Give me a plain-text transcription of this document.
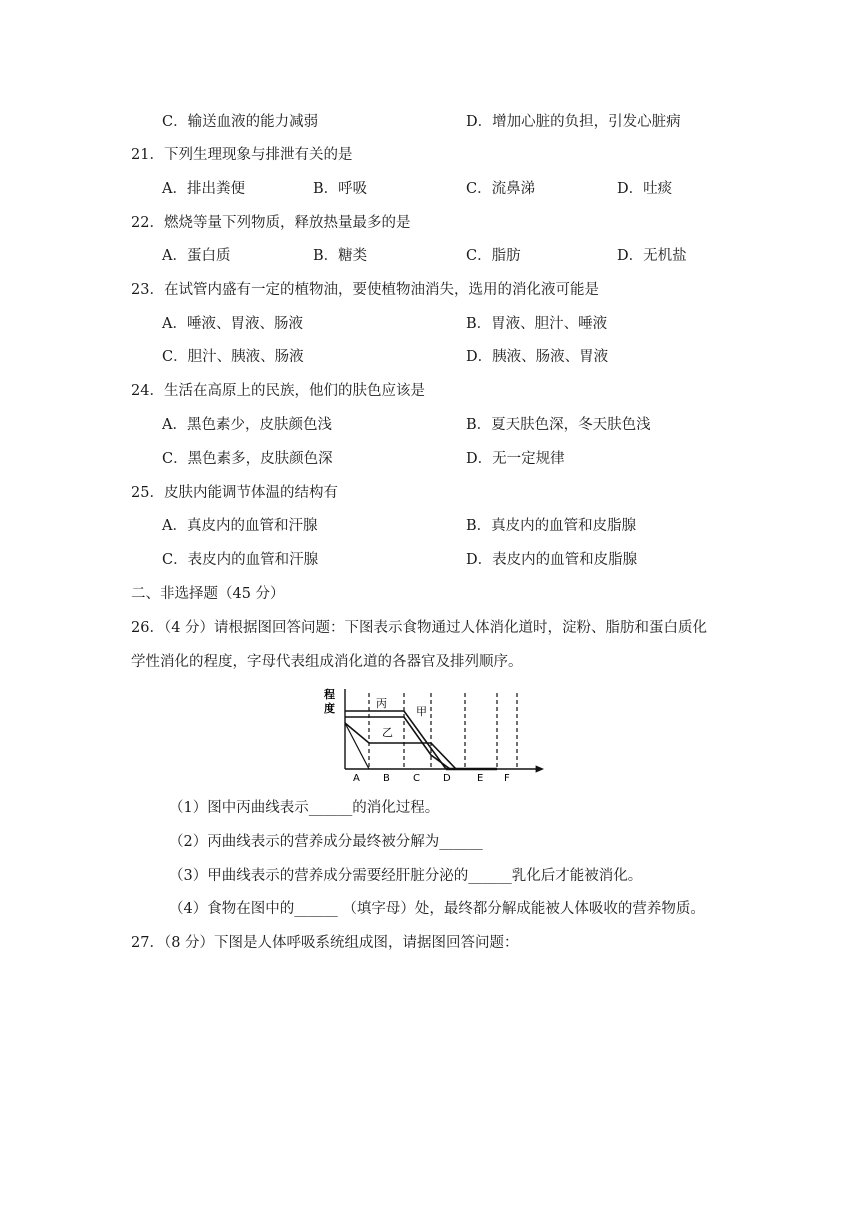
C．输送血液的能力减弱	D．增加心脏的负担，引发心脏病
21．下列生理现象与排泄有关的是
A．排出粪便	B．呼吸	C．流鼻涕	D．吐痰
22．燃烧等量下列物质，释放热量最多的是
A．蛋白质	B．糖类	C．脂肪	D．无机盐
23．在试管内盛有一定的植物油，要使植物油消失，选用的消化液可能是
A．唾液、胃液、肠液	B．胃液、胆汁、唾液
C．胆汁、胰液、肠液	D．胰液、肠液、胃液
24．生活在高原上的民族，他们的肤色应该是
A．黑色素少，皮肤颜色浅	B．夏天肤色深，冬天肤色浅
C．黑色素多，皮肤颜色深	D．无一定规律
25．皮肤内能调节体温的结构有
A．真皮内的血管和汗腺	B．真皮内的血管和皮脂腺
C．表皮内的血管和汗腺	D．表皮内的血管和皮脂腺
二、非选择题（45 分）
26．（4 分）请根据图回答问题：下图表示食物通过人体消化道时，淀粉、脂肪和蛋白质化
学性消化的程度，字母代表组成消化道的各器官及排列顺序。
程
度	丙
甲
乙
A B C D	E F
（1）图中丙曲线表示______的消化过程。
（2）丙曲线表示的营养成分最终被分解为______
（3）甲曲线表示的营养成分需要经肝脏分泌的______乳化后才能被消化。
（4）食物在图中的______ （填字母）处，最终都分解成能被人体吸收的营养物质。
27．（8 分）下图是人体呼吸系统组成图，请据图回答问题：
